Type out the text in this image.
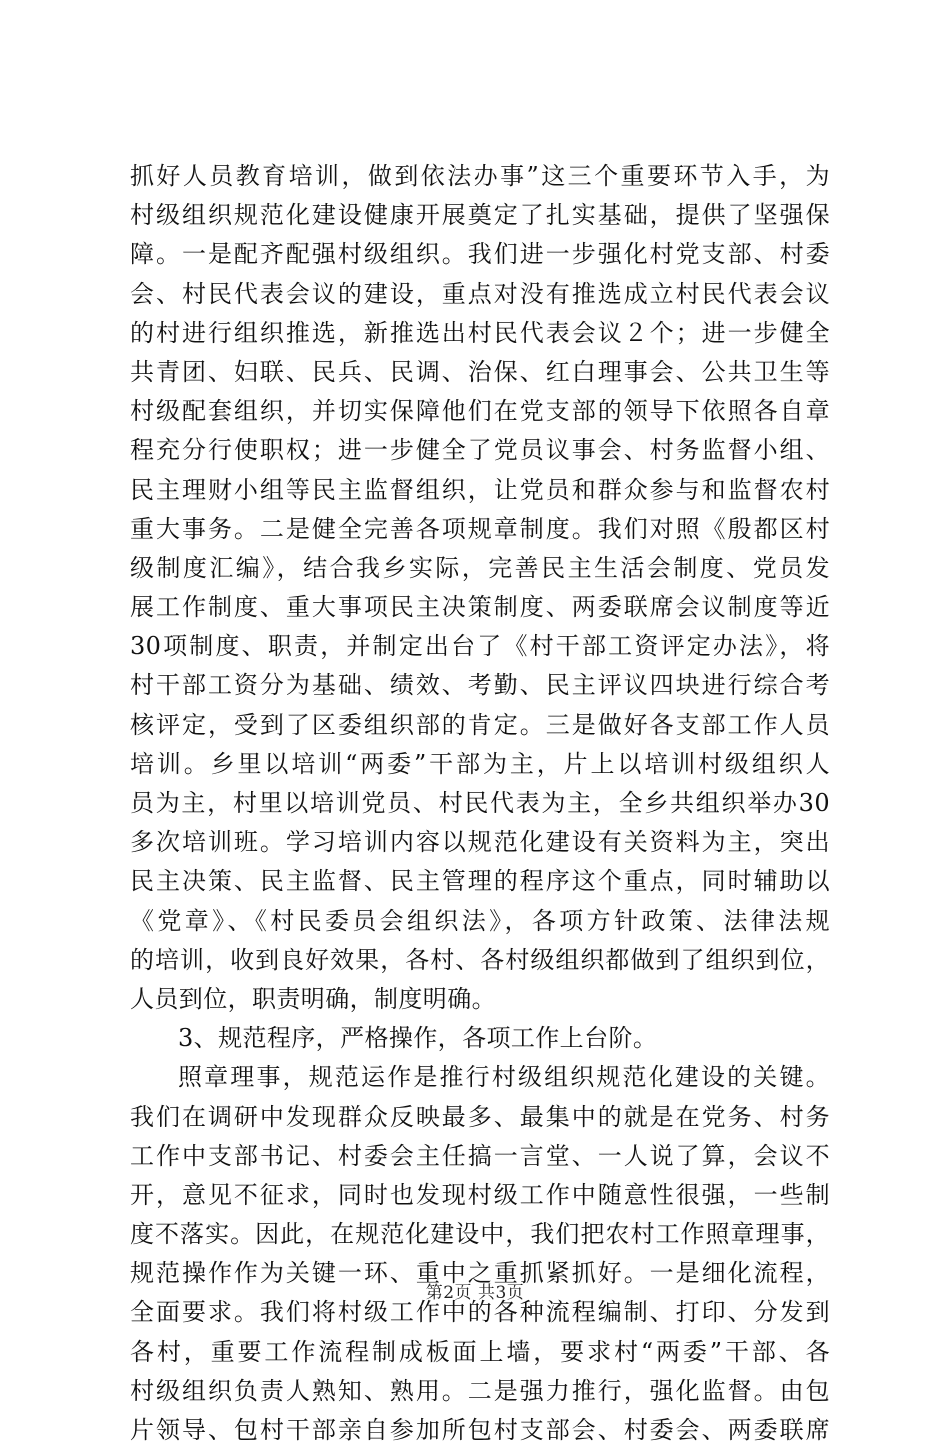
抓好人员教育培训，做到依法办事”这三个重要环节入手，为
村级组织规范化建设健康开展奠定了扎实基础，提供了坚强保
障。一是配齐配强村级组织。我们进一步强化村党支部、村委
会、村民代表会议的建设，重点对没有推选成立村民代表会议
的村进行组织推选，新推选出村民代表会议２个；进一步健全
共青团、妇联、民兵、民调、治保、红白理事会、公共卫生等
村级配套组织，并切实保障他们在党支部的领导下依照各自章
程充分行使职权；进一步健全了党员议事会、村务监督小组、
民主理财小组等民主监督组织，让党员和群众参与和监督农村
重大事务。二是健全完善各项规章制度。我们对照《殷都区村
级制度汇编》，结合我乡实际，完善民主生活会制度、党员发
展工作制度、重大事项民主决策制度、两委联席会议制度等近
30项制度、职责，并制定出台了《村干部工资评定办法》，将
村干部工资分为基础、绩效、考勤、民主评议四块进行综合考
核评定，受到了区委组织部的肯定。三是做好各支部工作人员
培训。乡里以培训“两委”干部为主，片上以培训村级组织人
员为主，村里以培训党员、村民代表为主，全乡共组织举办30
多次培训班。学习培训内容以规范化建设有关资料为主，突出
民主决策、民主监督、民主管理的程序这个重点，同时辅助以
《党章》、《村民委员会组织法》，各项方针政策、法律法规
的培训，收到良好效果，各村、各村级组织都做到了组织到位，
人员到位，职责明确，制度明确。
3、规范程序，严格操作，各项工作上台阶。
照章理事，规范运作是推行村级组织规范化建设的关键。
我们在调研中发现群众反映最多、最集中的就是在党务、村务
工作中支部书记、村委会主任搞一言堂、一人说了算，会议不
开，意见不征求，同时也发现村级工作中随意性很强，一些制
度不落实。因此，在规范化建设中，我们把农村工作照章理事，
规范操作作为关键一环、重中之重抓紧抓好。一是细化流程，
全面要求。我们将村级工作中的各种流程编制、打印、分发到
各村，重要工作流程制成板面上墙，要求村“两委”干部、各
村级组织负责人熟知、熟用。二是强力推行，强化监督。由包
片领导、包村干部亲自参加所包村支部会、村委会、两委联席
第2页 共3页
